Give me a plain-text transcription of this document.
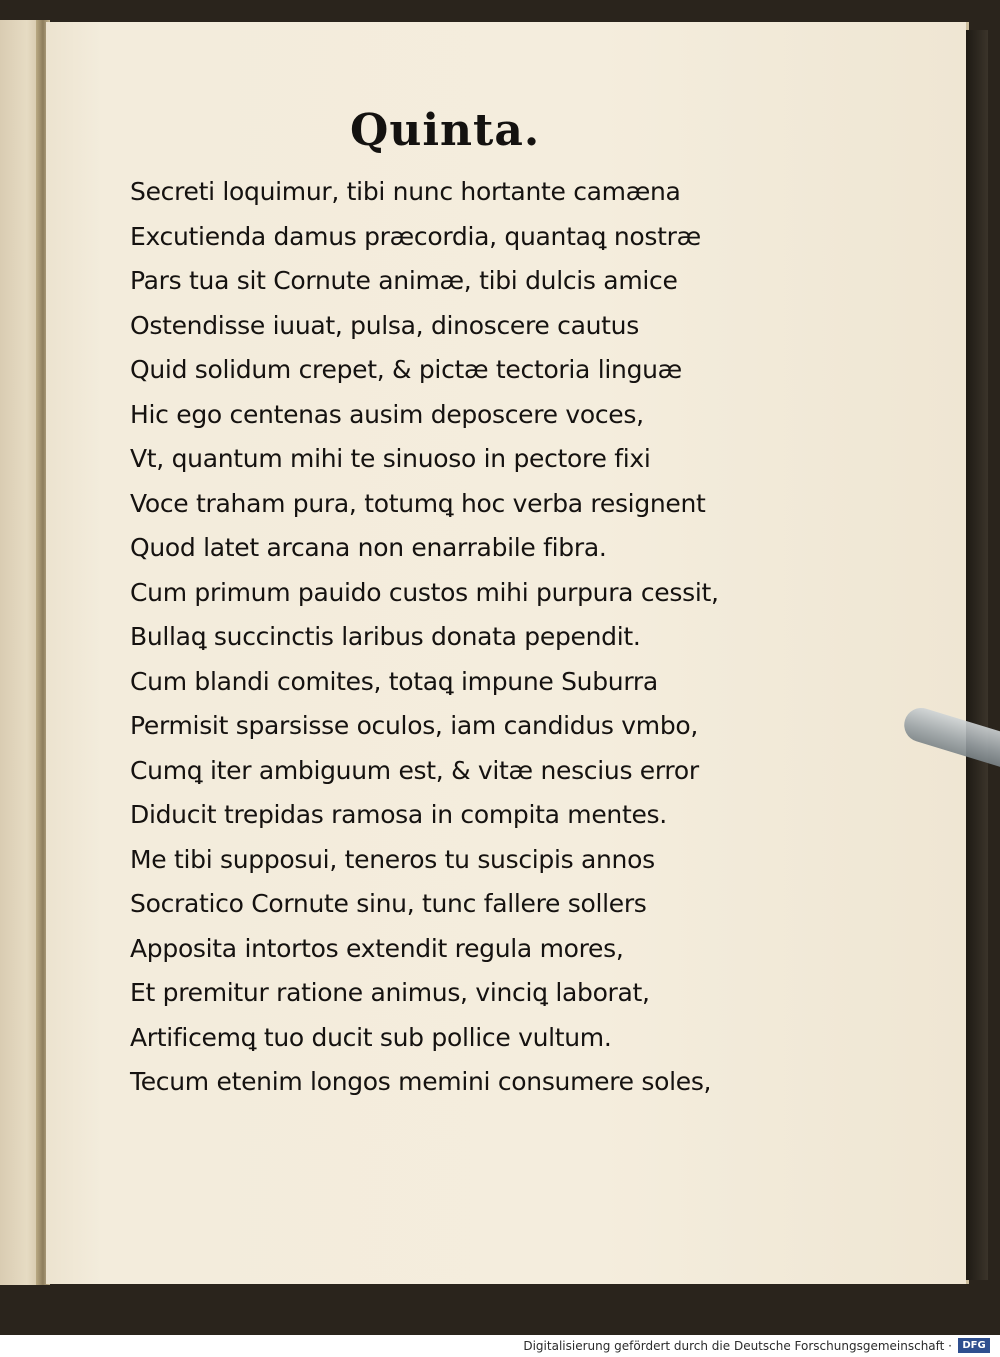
Quinta.
Secreti loquimur, tibi nunc hortante camæna
Excutienda damus præcordia, quantaꝗ nostræ
Pars tua sit Cornute animæ, tibi dulcis amice
Ostendisse iuuat, pulsa, dinoscere cautus
Quid solidum crepet, & pictæ tectoria linguæ
Hic ego centenas ausim deposcere voces,
Vt, quantum mihi te sinuoso in pectore fixi
Voce traham pura, totumꝗ hoc verba resignent
Quod latet arcana non enarrabile fibra.
Cum primum pauido custos mihi purpura cessit,
Bullaꝗ succinctis laribus donata pependit.
Cum blandi comites, totaꝗ impune Suburra
Permisit sparsisse oculos, iam candidus vmbo,
Cumꝗ iter ambiguum est, & vitæ nescius error
Diducit trepidas ramosa in compita mentes.
Me tibi supposui, teneros tu suscipis annos
Socratico Cornute sinu, tunc fallere sollers
Apposita intortos extendit regula mores,
Et premitur ratione animus, vinciꝗ laborat,
Artificemꝗ tuo ducit sub pollice vultum.
Tecum etenim longos memini consumere soles,
Digitalisierung gefördert durch die Deutsche Forschungsgemeinschaft ·	DFG
